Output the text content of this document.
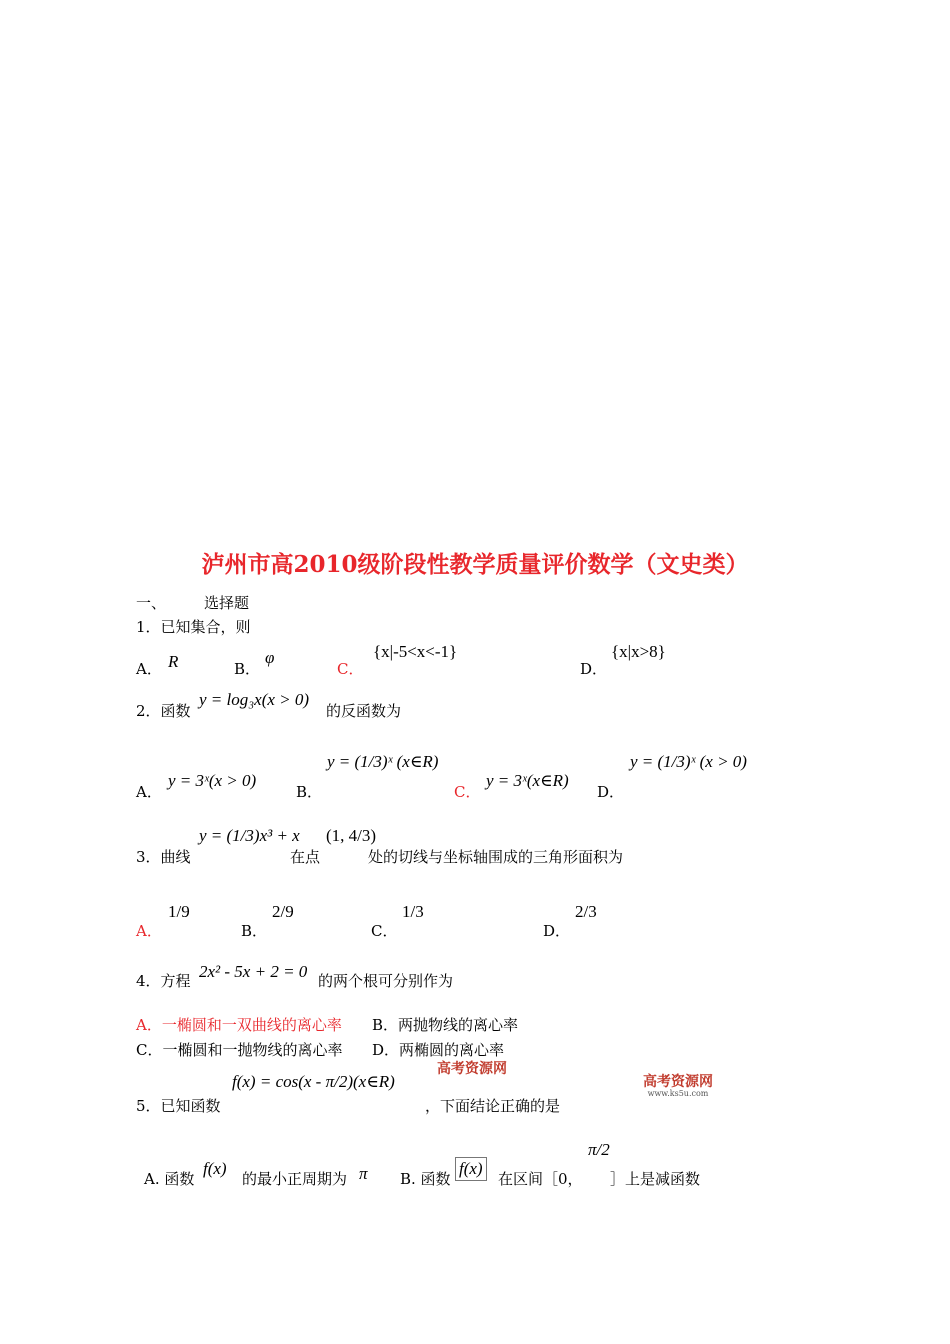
泸州市高2010级阶段性教学质量评价数学（文史类）
一、	选择题
1．已知集合，则
A． R	B．
φ
C．
{x|-5<x<-1}
D．
{x|x>8}
2．函数
y = log₃x(x > 0)
的反函数为
A．
y = 3ˣ(x > 0)
B．
y = (1/3)ˣ (x∈R)
C．
y = 3ˣ(x∈R)
D．
y = (1/3)ˣ (x > 0)
3．曲线
y = (1/3)x³ + x
在点
(1, 4/3)
处的切线与坐标轴围成的三角形面积为
A．
1/9
B．
2/9
C．
1/3
D．
2/3
4．方程 2x² - 5x + 2 = 0 的两个根可分别作为
A．一椭圆和一双曲线的离心率 B．两抛物线的离心率
C．一椭圆和一抛物线的离心率 D．两椭圆的离心率
5．已知函数
f(x) = cos(x - π/2)(x∈R)
，下面结论正确的是
高考资源网
高考资源网
www.ks5u.com
A. 函数
f(x)
的最小正周期为 π B. 函数
f(x)
在区间［0，
π/2
］上是减函数
